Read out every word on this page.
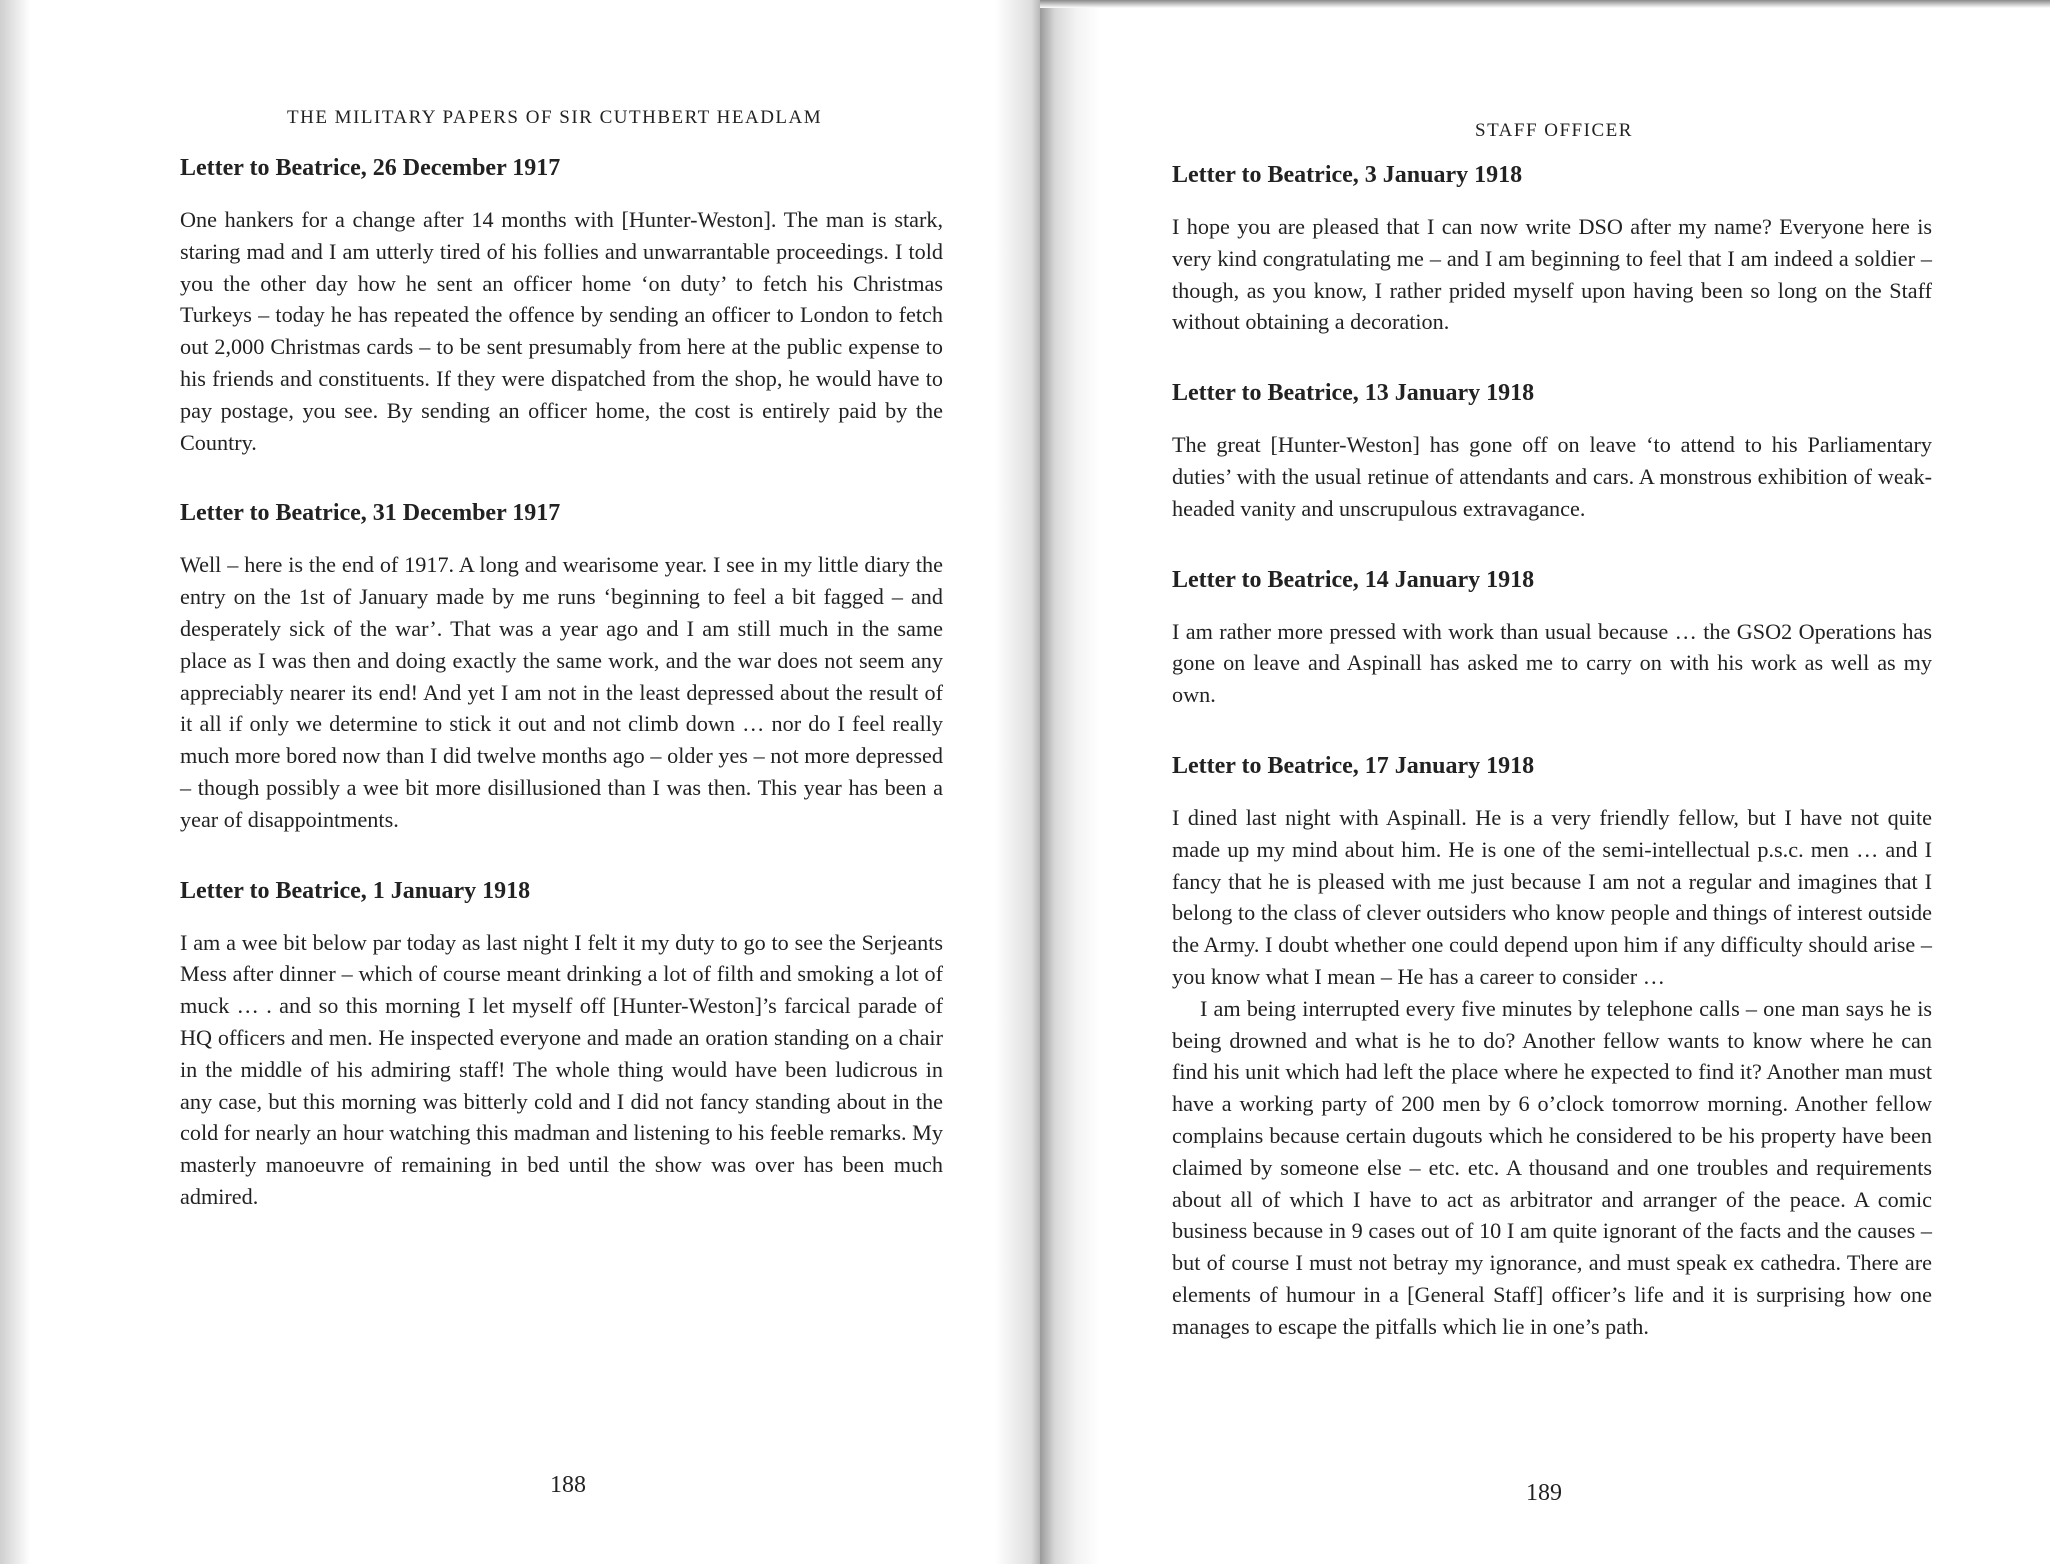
THE MILITARY PAPERS OF SIR CUTHBERT HEADLAM
Letter to Beatrice, 26 December 1917

One hankers for a change after 14 months with [Hunter-Weston]. The man is stark, staring mad and I am utterly tired of his follies and unwarrantable proceedings. I told you the other day how he sent an officer home ‘on duty’ to fetch his Christmas Turkeys – today he has repeated the offence by sending an officer to London to fetch out 2,000 Christmas cards – to be sent presumably from here at the public expense to his friends and constituents. If they were dispatched from the shop, he would have to pay postage, you see. By sending an officer home, the cost is entirely paid by the Country.

Letter to Beatrice, 31 December 1917

Well – here is the end of 1917. A long and wearisome year. I see in my little diary the entry on the 1st of January made by me runs ‘beginning to feel a bit fagged – and desperately sick of the war’. That was a year ago and I am still much in the same place as I was then and doing exactly the same work, and the war does not seem any appreciably nearer its end! And yet I am not in the least depressed about the result of it all if only we determine to stick it out and not climb down … nor do I feel really much more bored now than I did twelve months ago – older yes – not more depressed – though possibly a wee bit more disillusioned than I was then. This year has been a year of disappointments.

Letter to Beatrice, 1 January 1918

I am a wee bit below par today as last night I felt it my duty to go to see the Serjeants Mess after dinner – which of course meant drinking a lot of filth and smoking a lot of muck … . and so this morning I let myself off [Hunter-Weston]’s farcical parade of HQ officers and men. He inspected everyone and made an oration standing on a chair in the middle of his admiring staff! The whole thing would have been ludicrous in any case, but this morning was bitterly cold and I did not fancy standing about in the cold for nearly an hour watching this madman and listening to his feeble remarks. My masterly manoeuvre of remaining in bed until the show was over has been much admired.

188
STAFF OFFICER
Letter to Beatrice, 3 January 1918

I hope you are pleased that I can now write DSO after my name? Everyone here is very kind congratulating me – and I am beginning to feel that I am indeed a soldier – though, as you know, I rather prided myself upon having been so long on the Staff without obtaining a decoration.

Letter to Beatrice, 13 January 1918

The great [Hunter-Weston] has gone off on leave ‘to attend to his Parliamentary duties’ with the usual retinue of attendants and cars. A monstrous exhibition of weak-headed vanity and unscrupulous extravagance.

Letter to Beatrice, 14 January 1918

I am rather more pressed with work than usual because … the GSO2 Operations has gone on leave and Aspinall has asked me to carry on with his work as well as my own.

Letter to Beatrice, 17 January 1918

I dined last night with Aspinall. He is a very friendly fellow, but I have not quite made up my mind about him. He is one of the semi-intellectual p.s.c. men … and I fancy that he is pleased with me just because I am not a regular and imagines that I belong to the class of clever outsiders who know people and things of interest outside the Army. I doubt whether one could depend upon him if any difficulty should arise – you know what I mean – He has a career to consider …

I am being interrupted every five minutes by telephone calls – one man says he is being drowned and what is he to do? Another fellow wants to know where he can find his unit which had left the place where he expected to find it? Another man must have a working party of 200 men by 6 o’clock tomorrow morning. Another fellow complains because certain dugouts which he considered to be his property have been claimed by someone else – etc. etc. A thousand and one troubles and requirements about all of which I have to act as arbitrator and arranger of the peace. A comic business because in 9 cases out of 10 I am quite ignorant of the facts and the causes – but of course I must not betray my ignorance, and must speak ex cathedra. There are elements of humour in a [General Staff] officer’s life and it is surprising how one manages to escape the pitfalls which lie in one’s path.

189
